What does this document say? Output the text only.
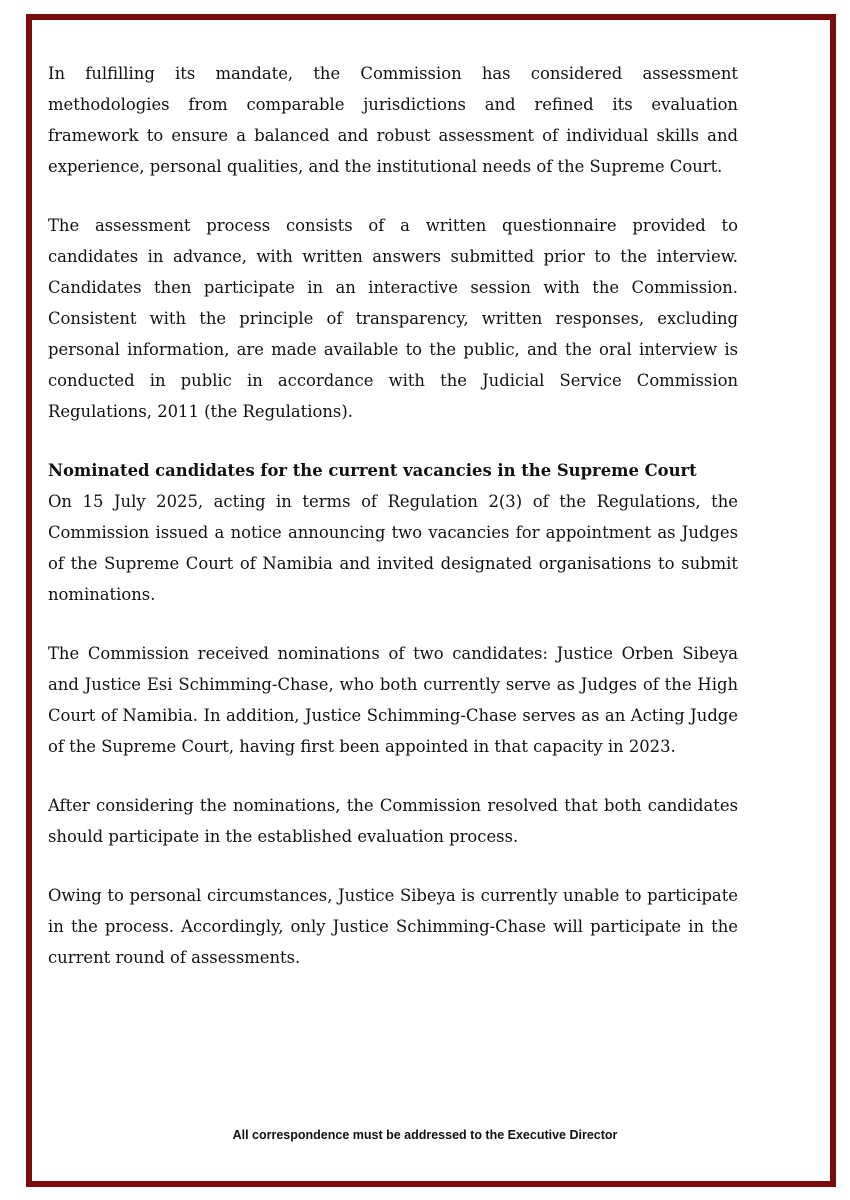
In fulfilling its mandate, the Commission has considered assessment methodologies from comparable jurisdictions and refined its evaluation framework to ensure a balanced and robust assessment of individual skills and experience, personal qualities, and the institutional needs of the Supreme Court.

The assessment process consists of a written questionnaire provided to candidates in advance, with written answers submitted prior to the interview. Candidates then participate in an interactive session with the Commission. Consistent with the principle of transparency, written responses, excluding personal information, are made available to the public, and the oral interview is conducted in public in accordance with the Judicial Service Commission Regulations, 2011 (the Regulations).

Nominated candidates for the current vacancies in the Supreme Court

On 15 July 2025, acting in terms of Regulation 2(3) of the Regulations, the Commission issued a notice announcing two vacancies for appointment as Judges of the Supreme Court of Namibia and invited designated organisations to submit nominations.

The Commission received nominations of two candidates: Justice Orben Sibeya and Justice Esi Schimming-Chase, who both currently serve as Judges of the High Court of Namibia. In addition, Justice Schimming-Chase serves as an Acting Judge of the Supreme Court, having first been appointed in that capacity in 2023.

After considering the nominations, the Commission resolved that both candidates should participate in the established evaluation process.

Owing to personal circumstances, Justice Sibeya is currently unable to participate in the process. Accordingly, only Justice Schimming-Chase will participate in the current round of assessments.

All correspondence must be addressed to the Executive Director
